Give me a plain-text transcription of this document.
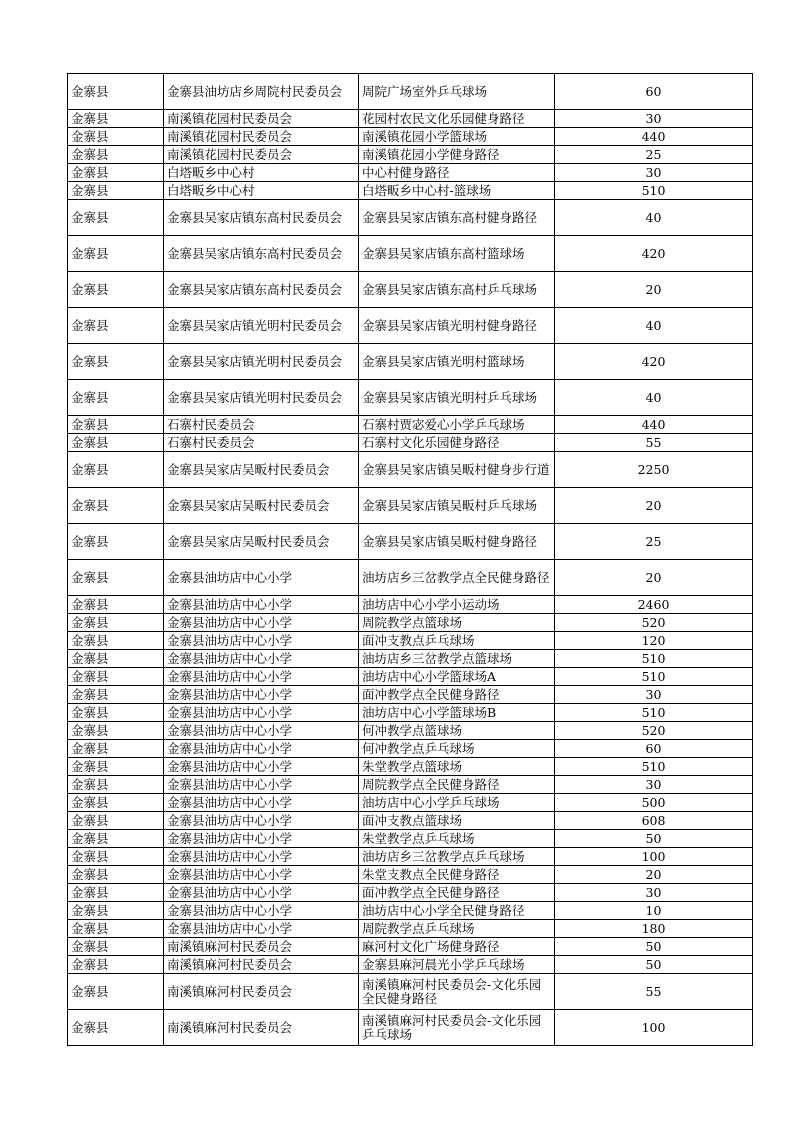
金寨县	金寨县油坊店乡周院村民委员会	周院广场室外乒乓球场	60
金寨县	南溪镇花园村民委员会	花园村农民文化乐园健身路径	30
金寨县	南溪镇花园村民委员会	南溪镇花园小学篮球场	440
金寨县	南溪镇花园村民委员会	南溪镇花园小学健身路径	25
金寨县	白塔畈乡中心村	中心村健身路径	30
金寨县	白塔畈乡中心村	白塔畈乡中心村-篮球场	510
金寨县	金寨县吴家店镇东高村民委员会	金寨县吴家店镇东高村健身路径	40
金寨县	金寨县吴家店镇东高村民委员会	金寨县吴家店镇东高村篮球场	420
金寨县	金寨县吴家店镇东高村民委员会	金寨县吴家店镇东高村乒乓球场	20
金寨县	金寨县吴家店镇光明村民委员会	金寨县吴家店镇光明村健身路径	40
金寨县	金寨县吴家店镇光明村民委员会	金寨县吴家店镇光明村篮球场	420
金寨县	金寨县吴家店镇光明村民委员会	金寨县吴家店镇光明村乒乓球场	40
金寨县	石寨村民委员会	石寨村贾宓爱心小学乒乓球场	440
金寨县	石寨村民委员会	石寨村文化乐园健身路径	55
金寨县	金寨县吴家店吴畈村民委员会	金寨县吴家店镇吴畈村健身步行道	2250
金寨县	金寨县吴家店吴畈村民委员会	金寨县吴家店镇吴畈村乒乓球场	20
金寨县	金寨县吴家店吴畈村民委员会	金寨县吴家店镇吴畈村健身路径	25
金寨县	金寨县油坊店中心小学	油坊店乡三岔教学点全民健身路径	20
金寨县	金寨县油坊店中心小学	油坊店中心小学小运动场	2460
金寨县	金寨县油坊店中心小学	周院教学点篮球场	520
金寨县	金寨县油坊店中心小学	面冲支教点乒乓球场	120
金寨县	金寨县油坊店中心小学	油坊店乡三岔教学点篮球场	510
金寨县	金寨县油坊店中心小学	油坊店中心小学篮球场A	510
金寨县	金寨县油坊店中心小学	面冲教学点全民健身路径	30
金寨县	金寨县油坊店中心小学	油坊店中心小学篮球场B	510
金寨县	金寨县油坊店中心小学	何冲教学点篮球场	520
金寨县	金寨县油坊店中心小学	何冲教学点乒乓球场	60
金寨县	金寨县油坊店中心小学	朱堂教学点篮球场	510
金寨县	金寨县油坊店中心小学	周院教学点全民健身路径	30
金寨县	金寨县油坊店中心小学	油坊店中心小学乒乓球场	500
金寨县	金寨县油坊店中心小学	面冲支教点篮球场	608
金寨县	金寨县油坊店中心小学	朱堂教学点乒乓球场	50
金寨县	金寨县油坊店中心小学	油坊店乡三岔教学点乒乓球场	100
金寨县	金寨县油坊店中心小学	朱堂支教点全民健身路径	20
金寨县	金寨县油坊店中心小学	面冲教学点全民健身路径	30
金寨县	金寨县油坊店中心小学	油坊店中心小学全民健身路径	10
金寨县	金寨县油坊店中心小学	周院教学点乒乓球场	180
金寨县	南溪镇麻河村民委员会	麻河村文化广场健身路径	50
金寨县	南溪镇麻河村民委员会	金寨县麻河晨光小学乒乓球场	50
金寨县	南溪镇麻河村民委员会	南溪镇麻河村民委员会-文化乐园全民健身路径	55
金寨县	南溪镇麻河村民委员会	南溪镇麻河村民委员会-文化乐园乒乓球场	100
